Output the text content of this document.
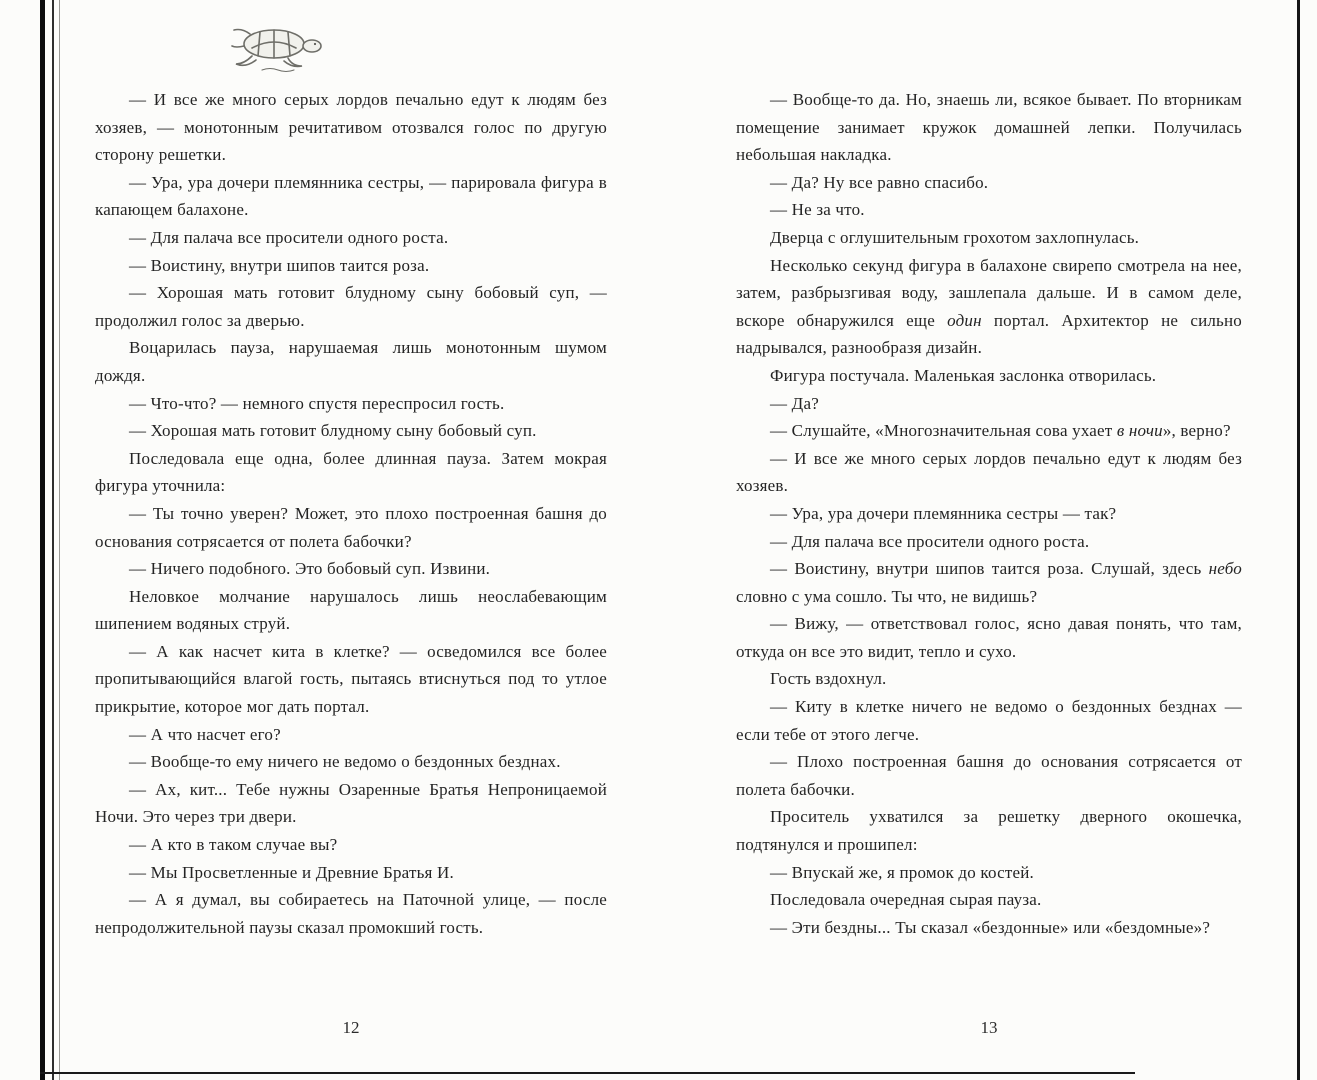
— И все же много серых лордов печально едут к людям без хозяев, — монотонным речитативом отозвался голос по другую сторону решетки.

— Ура, ура дочери племянника сестры, — парировала фигура в капающем балахоне.

— Для палача все просители одного роста.

— Воистину, внутри шипов таится роза.

— Хорошая мать готовит блудному сыну бобовый суп, — продолжил голос за дверью.

Воцарилась пауза, нарушаемая лишь монотонным шумом дождя.

— Что-что? — немного спустя переспросил гость.

— Хорошая мать готовит блудному сыну бобовый суп.

Последовала еще одна, более длинная пауза. Затем мокрая фигура уточнила:

— Ты точно уверен? Может, это плохо построенная башня до основания сотрясается от полета бабочки?

— Ничего подобного. Это бобовый суп. Извини.

Неловкое молчание нарушалось лишь неослабевающим шипением водяных струй.

— А как насчет кита в клетке? — осведомился все более пропитывающийся влагой гость, пытаясь втиснуться под то утлое прикрытие, которое мог дать портал.

— А что насчет его?

— Вообще-то ему ничего не ведомо о бездонных безднах.

— Ах, кит... Тебе нужны Озаренные Братья Непроницаемой Ночи. Это через три двери.

— А кто в таком случае вы?

— Мы Просветленные и Древние Братья И.

— А я думал, вы собираетесь на Паточной улице, — после непродолжительной паузы сказал промокший гость.

12

— Вообще-то да. Но, знаешь ли, всякое бывает. По вторникам помещение занимает кружок домашней лепки. Получилась небольшая накладка.

— Да? Ну все равно спасибо.

— Не за что.

Дверца с оглушительным грохотом захлопнулась.

Несколько секунд фигура в балахоне свирепо смотрела на нее, затем, разбрызгивая воду, зашлепала дальше. И в самом деле, вскоре обнаружился еще один портал. Архитектор не сильно надрывался, разнообразя дизайн.

Фигура постучала. Маленькая заслонка отворилась.

— Да?

— Слушайте, «Многозначительная сова ухает в ночи», верно?

— И все же много серых лордов печально едут к людям без хозяев.

— Ура, ура дочери племянника сестры — так?

— Для палача все просители одного роста.

— Воистину, внутри шипов таится роза. Слушай, здесь небо словно с ума сошло. Ты что, не видишь?

— Вижу, — ответствовал голос, ясно давая понять, что там, откуда он все это видит, тепло и сухо.

Гость вздохнул.

— Киту в клетке ничего не ведомо о бездонных безднах — если тебе от этого легче.

— Плохо построенная башня до основания сотрясается от полета бабочки.

Проситель ухватился за решетку дверного окошечка, подтянулся и прошипел:

— Впускай же, я промок до костей.

Последовала очередная сырая пауза.

— Эти бездны... Ты сказал «бездонные» или «бездомные»?

13
